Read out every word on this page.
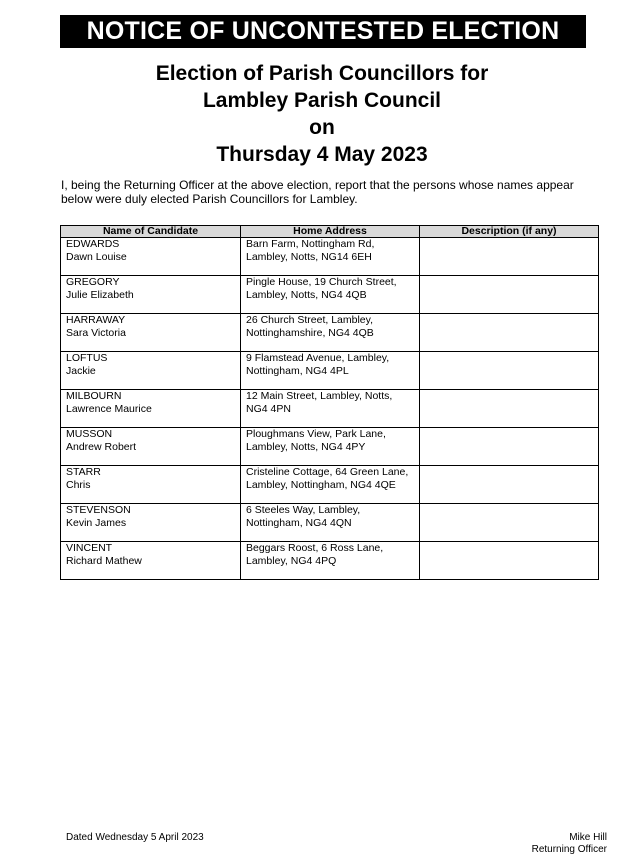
NOTICE OF UNCONTESTED ELECTION
Election of Parish Councillors for
Lambley Parish Council
on
Thursday 4 May 2023
I, being the Returning Officer at the above election, report that the persons whose names appear below were duly elected Parish Councillors for Lambley.
Name of Candidate	Home Address	Description (if any)

EDWARDS
Dawn Louise	Barn Farm, Nottingham Rd, Lambley, Notts, NG14 6EH	

GREGORY
Julie Elizabeth	Pingle House, 19 Church Street, Lambley, Notts, NG4 4QB	

HARRAWAY
Sara Victoria	26 Church Street, Lambley, Nottinghamshire, NG4 4QB	

LOFTUS
Jackie	9 Flamstead Avenue, Lambley, Nottingham, NG4 4PL	

MILBOURN
Lawrence Maurice	12 Main Street, Lambley, Notts, NG4 4PN	

MUSSON
Andrew Robert	Ploughmans View, Park Lane, Lambley, Notts, NG4 4PY	

STARR
Chris	Cristeline Cottage, 64 Green Lane, Lambley, Nottingham, NG4 4QE	

STEVENSON
Kevin James	6 Steeles Way, Lambley, Nottingham, NG4 4QN	

VINCENT
Richard Mathew	Beggars Roost, 6 Ross Lane, Lambley, NG4 4PQ	
Dated Wednesday 5 April 2023	Mike Hill
Returning Officer
